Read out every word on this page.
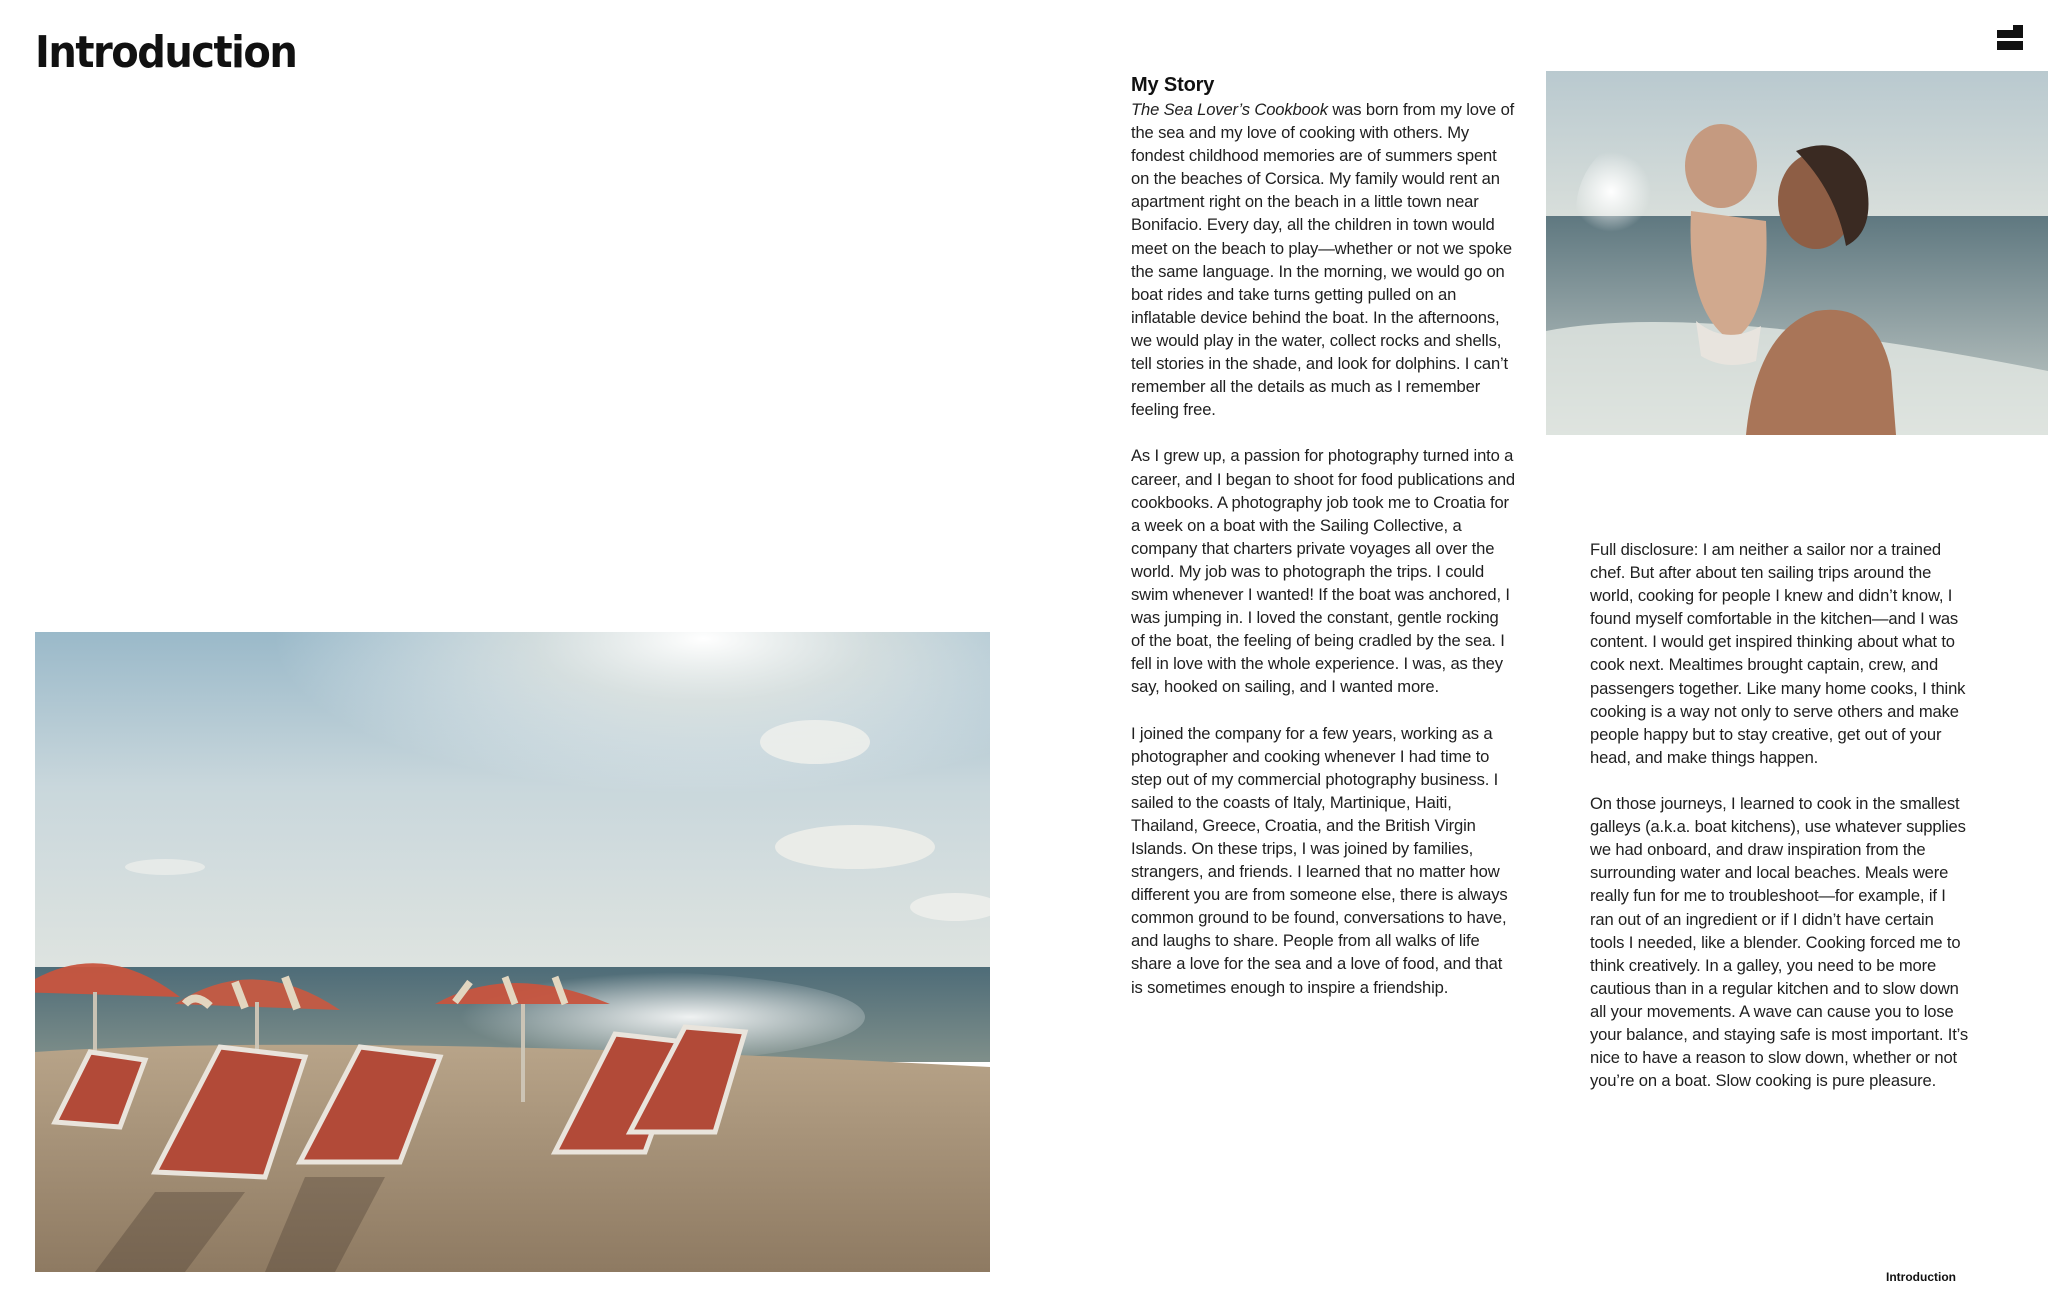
Introduction
My Story

The Sea Lover’s Cookbook was born from my love of the sea and my love of cooking with others. My fondest childhood memories are of summers spent on the beaches of Corsica. My family would rent an apartment right on the beach in a little town near Bonifacio. Every day, all the children in town would meet on the beach to play—whether or not we spoke the same language. In the morning, we would go on boat rides and take turns getting pulled on an inflatable device behind the boat. In the afternoons, we would play in the water, collect rocks and shells, tell stories in the shade, and look for dolphins. I can’t remember all the details as much as I remember feeling free.

As I grew up, a passion for photography turned into a career, and I began to shoot for food publications and cookbooks. A photography job took me to Croatia for a week on a boat with the Sailing Collective, a company that charters private voyages all over the world. My job was to photograph the trips. I could swim whenever I wanted! If the boat was anchored, I was jumping in. I loved the constant, gentle rocking of the boat, the feeling of being cradled by the sea. I fell in love with the whole experience. I was, as they say, hooked on sailing, and I wanted more.

I joined the company for a few years, working as a photographer and cooking whenever I had time to step out of my commercial photography business. I sailed to the coasts of Italy, Martinique, Haiti, Thailand, Greece, Croatia, and the British Virgin Islands. On these trips, I was joined by families, strangers, and friends. I learned that no matter how different you are from someone else, there is always common ground to be found, conversations to have, and laughs to share. People from all walks of life share a love for the sea and a love of food, and that is sometimes enough to inspire a friendship.

Full disclosure: I am neither a sailor nor a trained chef. But after about ten sailing trips around the world, cooking for people I knew and didn’t know, I found myself comfortable in the kitchen—and I was content. I would get inspired thinking about what to cook next. Mealtimes brought captain, crew, and passengers together. Like many home cooks, I think cooking is a way not only to serve others and make people happy but to stay creative, get out of your head, and make things happen.

On those journeys, I learned to cook in the smallest galleys (a.k.a. boat kitchens), use whatever supplies we had onboard, and draw inspiration from the surrounding water and local beaches. Meals were really fun for me to troubleshoot—for example, if I ran out of an ingredient or if I didn’t have certain tools I needed, like a blender. Cooking forced me to think creatively. In a galley, you need to be more cautious than in a regular kitchen and to slow down all your movements. A wave can cause you to lose your balance, and staying safe is most important. It’s nice to have a reason to slow down, whether or not you’re on a boat. Slow cooking is pure pleasure.

Introduction
